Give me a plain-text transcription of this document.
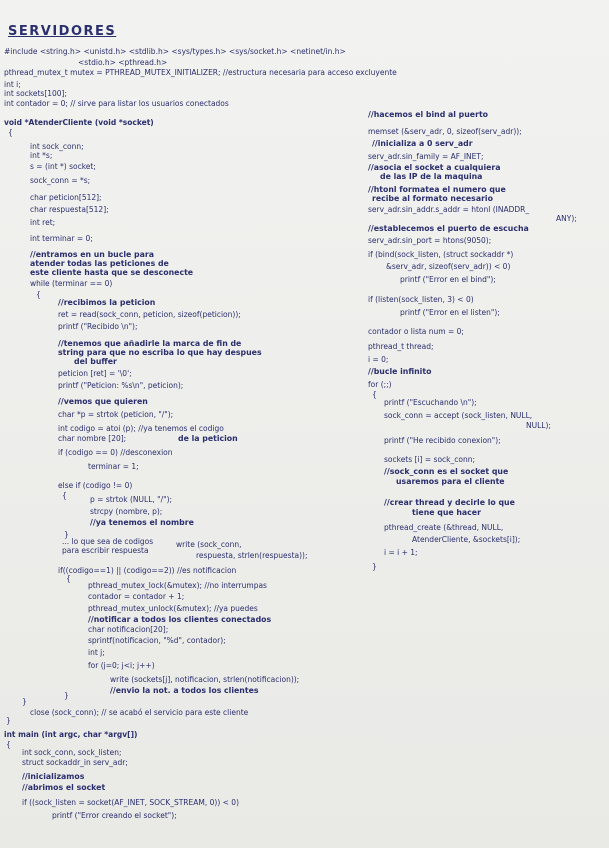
SERVIDORES
#include <string.h> <unistd.h> <stdlib.h> <sys/types.h> <sys/socket.h> <netinet/in.h>
<stdio.h> <pthread.h>
pthread_mutex_t mutex = PTHREAD_MUTEX_INITIALIZER; //estructura necesaria para acceso excluyente
int i;
int sockets[100];
int contador = 0; // sirve para listar los usuarios conectados
void *AtenderCliente (void *socket)
{
int sock_conn;
int *s;
s = (int *) socket;
sock_conn = *s;
char peticion[512];
char respuesta[512];
int ret;
int terminar = 0;
//entramos en un bucle para
atender todas las peticiones de
este cliente hasta que se desconecte
while (terminar == 0)
{
//recibimos la peticion
ret = read(sock_conn, peticion, sizeof(peticion));
printf ("Recibido \n");
//tenemos que añadirle la marca de fin de
string para que no escriba lo que hay despues
del buffer
peticion [ret] = '\0';
printf ("Peticion: %s\n", peticion);
//vemos que quieren
char *p = strtok (peticion, "/");
int codigo = atoi (p); //ya tenemos el codigo
char nombre [20];	de la peticion
if (codigo == 0) //desconexion
terminar = 1;
else if (codigo != 0)
{	p = strtok (NULL, "/");
strcpy (nombre, p);
//ya tenemos el nombre
}
... lo que sea de codigos
para escribir respuesta
write (sock_conn,
respuesta, strlen(respuesta));
if((codigo==1) || (codigo==2)) //es notificacion
{
pthread_mutex_lock(&mutex); //no interrumpas
contador = contador + 1;
pthread_mutex_unlock(&mutex); //ya puedes
//notificar a todos los clientes conectados
char notificacion[20];
sprintf(notificacion, "%d", contador);
int j;
for (j=0; j<i; j++)
write (sockets[j], notificacion, strlen(notificacion));
//envio la not. a todos los clientes
}
}
close (sock_conn); // se acabó el servicio para este cliente
}
int main (int argc, char *argv[])
{
int sock_conn, sock_listen;
struct sockaddr_in serv_adr;
//inicializamos
//abrimos el socket
if ((sock_listen = socket(AF_INET, SOCK_STREAM, 0)) < 0)
printf ("Error creando el socket");
//hacemos el bind al puerto
memset (&serv_adr, 0, sizeof(serv_adr));
//inicializa a 0 serv_adr
serv_adr.sin_family = AF_INET;
//asocia el socket a cualquiera
de las IP de la maquina
//htonl formatea el numero que
recibe al formato necesario
serv_adr.sin_addr.s_addr = htonl (INADDR_
ANY);
//establecemos el puerto de escucha
serv_adr.sin_port = htons(9050);
if (bind(sock_listen, (struct sockaddr *)
&serv_adr, sizeof(serv_adr)) < 0)
printf ("Error en el bind");
if (listen(sock_listen, 3) < 0)
printf ("Error en el listen");
contador o lista num = 0;
pthread_t thread;
i = 0;
//bucle infinito
for (;;)
{
printf ("Escuchando \n");
sock_conn = accept (sock_listen, NULL,
NULL);
printf ("He recibido conexion");
sockets [i] = sock_conn;
//sock_conn es el socket que
usaremos para el cliente
//crear thread y decirle lo que
tiene que hacer
pthread_create (&thread, NULL,
AtenderCliente, &sockets[i]);
i = i + 1;
}
